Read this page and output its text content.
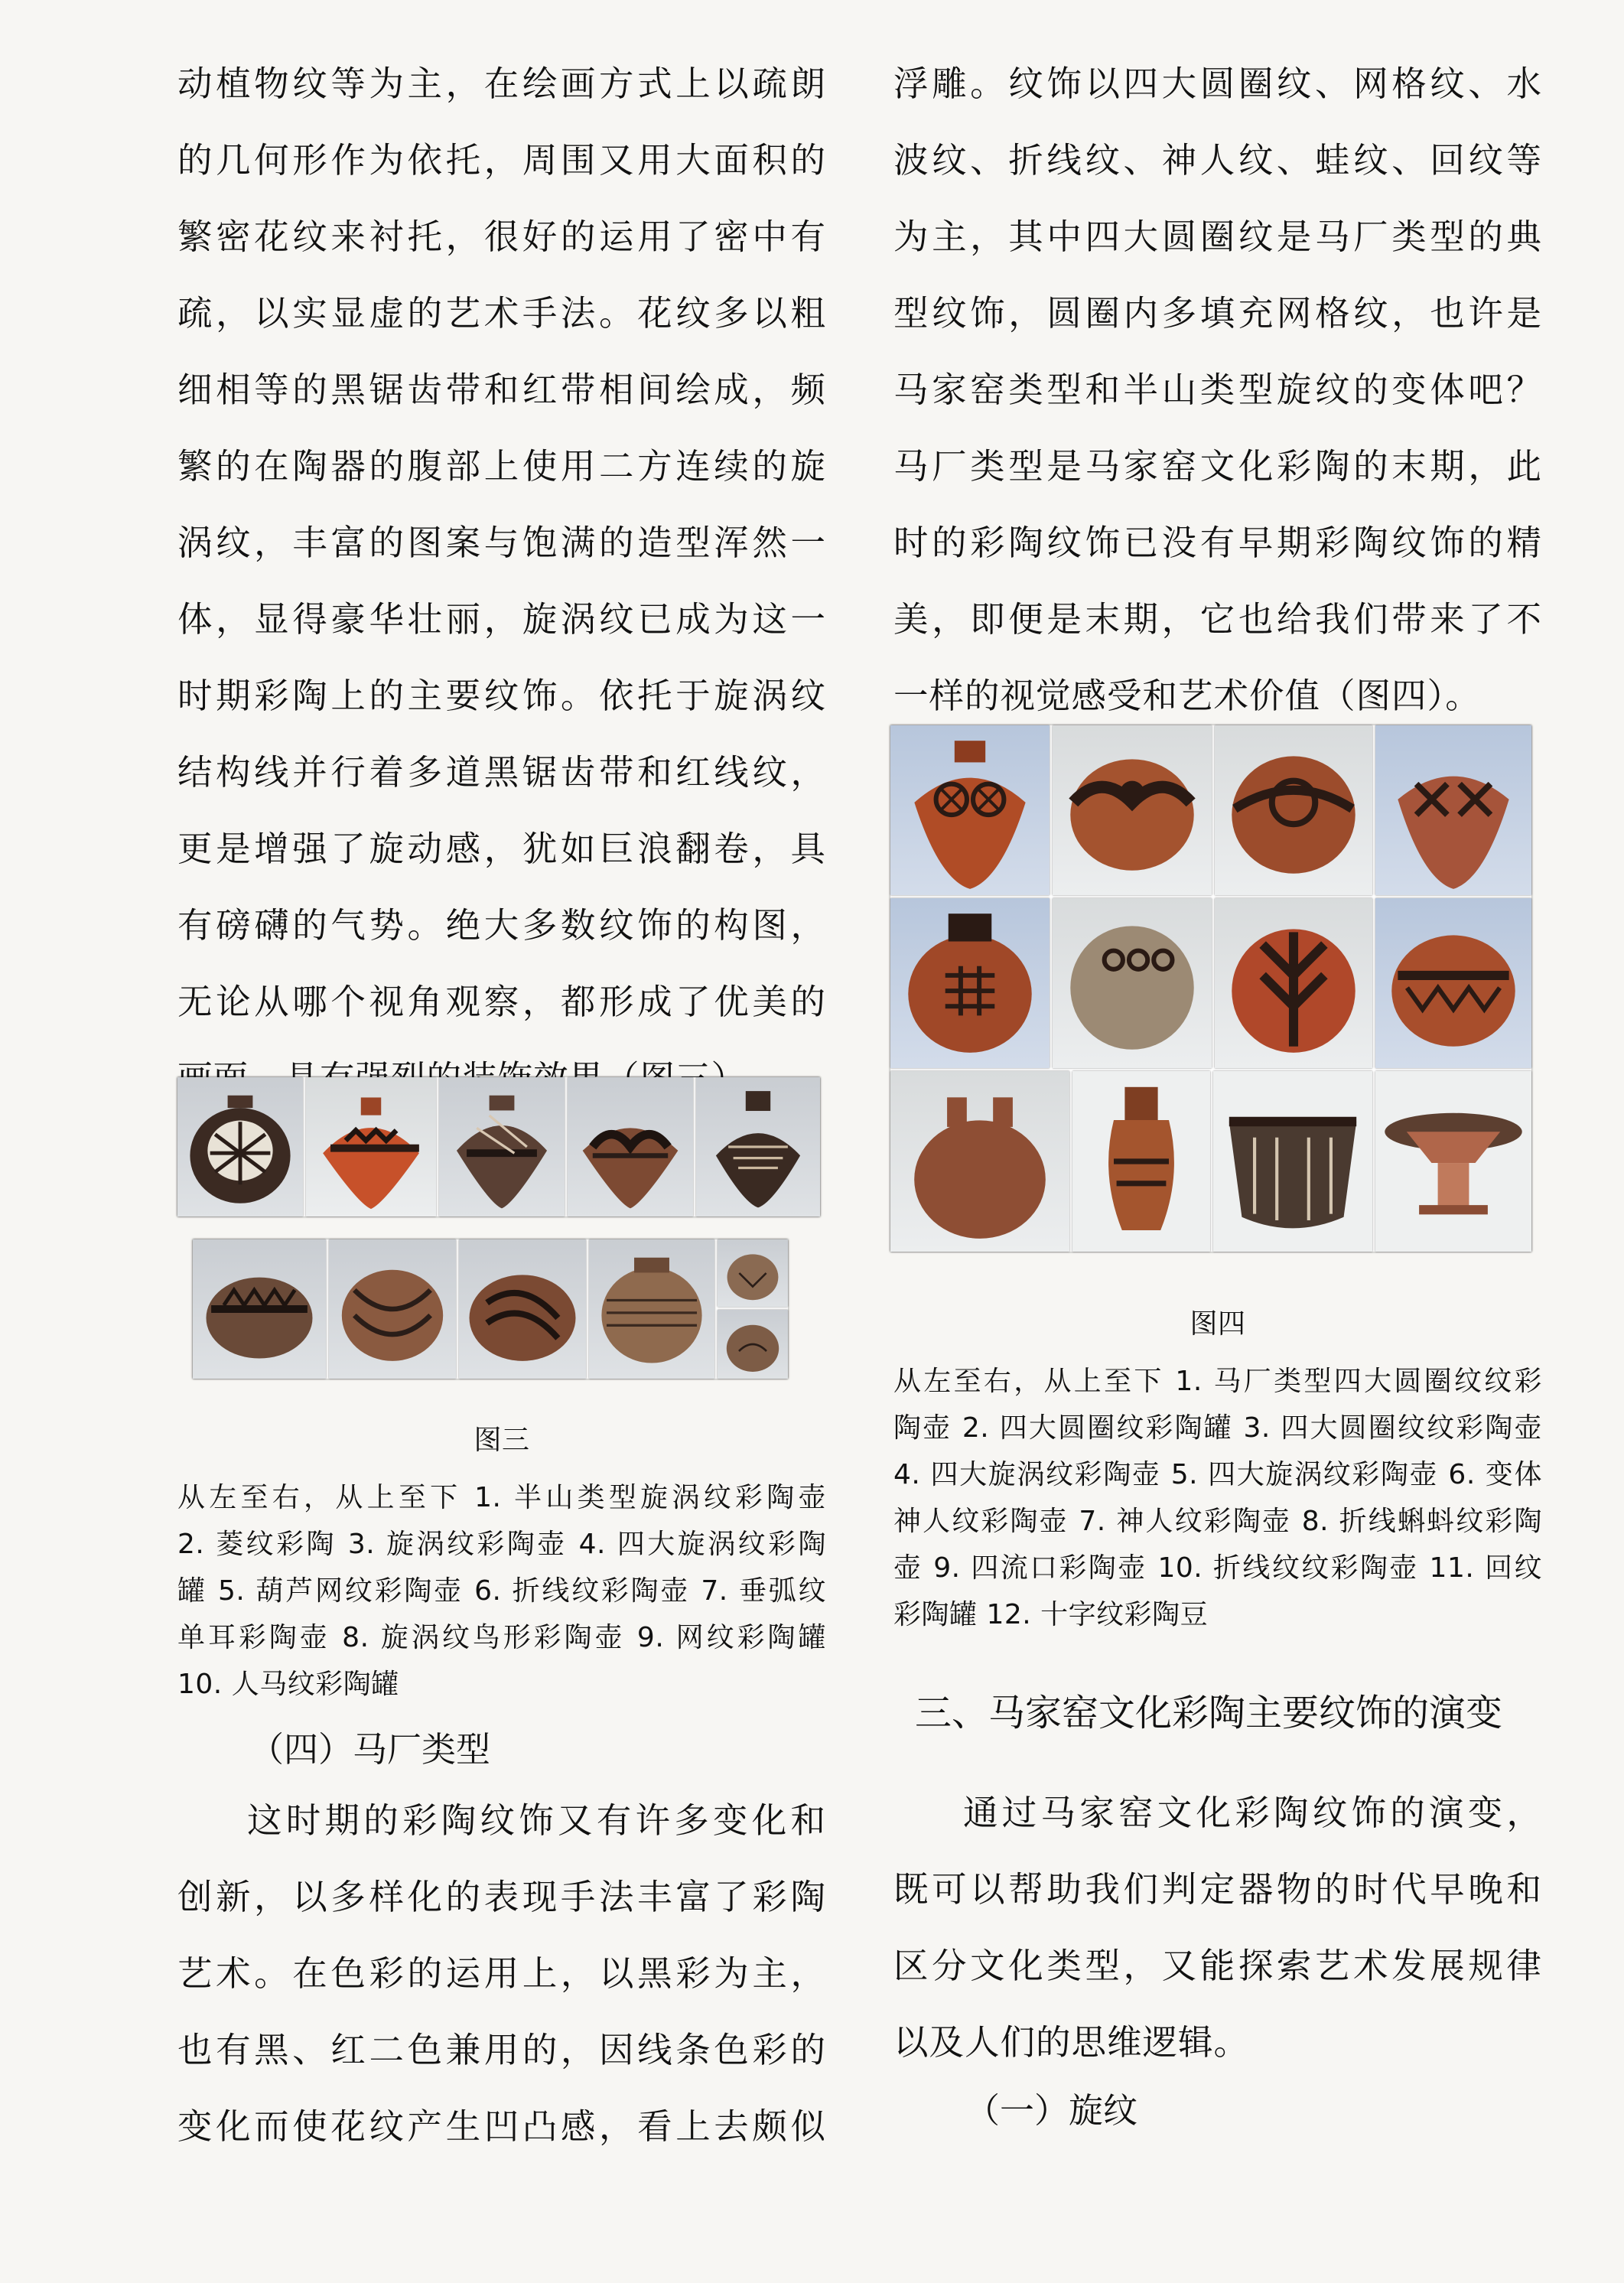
动植物纹等为主，在绘画方式上以疏朗

的几何形作为依托，周围又用大面积的

繁密花纹来衬托，很好的运用了密中有

疏，以实显虚的艺术手法。花纹多以粗

细相等的黑锯齿带和红带相间绘成，频

繁的在陶器的腹部上使用二方连续的旋

涡纹，丰富的图案与饱满的造型浑然一

体，显得豪华壮丽，旋涡纹已成为这一

时期彩陶上的主要纹饰。依托于旋涡纹

结构线并行着多道黑锯齿带和红线纹，

更是增强了旋动感，犹如巨浪翻卷，具

有磅礴的气势。绝大多数纹饰的构图，

无论从哪个视角观察，都形成了优美的

图三

从左至右，从上至下 1. 半山类型旋涡纹彩陶壶

2. 菱纹彩陶 3. 旋涡纹彩陶壶 4. 四大旋涡纹彩陶

罐 5. 葫芦网纹彩陶壶 6. 折线纹彩陶壶 7. 垂弧纹

单耳彩陶壶 8. 旋涡纹鸟形彩陶壶 9. 网纹彩陶罐

10. 人马纹彩陶罐

（四）马厂类型

这时期的彩陶纹饰又有许多变化和

创新，以多样化的表现手法丰富了彩陶

艺术。在色彩的运用上，以黑彩为主，

也有黑、红二色兼用的，因线条色彩的

变化而使花纹产生凹凸感，看上去颇似

浮雕。纹饰以四大圆圈纹、网格纹、水

波纹、折线纹、神人纹、蛙纹、回纹等

为主，其中四大圆圈纹是马厂类型的典

型纹饰，圆圈内多填充网格纹，也许是

马家窑类型和半山类型旋纹的变体吧？

马厂类型是马家窑文化彩陶的末期，此

时的彩陶纹饰已没有早期彩陶纹饰的精

美，即便是末期，它也给我们带来了不

一样的视觉感受和艺术价值（图四）。

图四

从左至右，从上至下 1. 马厂类型四大圆圈纹纹彩

陶壶 2. 四大圆圈纹彩陶罐 3. 四大圆圈纹纹彩陶壶

4. 四大旋涡纹彩陶壶 5. 四大旋涡纹彩陶壶 6. 变体

神人纹彩陶壶 7. 神人纹彩陶壶 8. 折线蝌蚪纹彩陶

壶 9. 四流口彩陶壶 10. 折线纹纹彩陶壶 11. 回纹

彩陶罐 12. 十字纹彩陶豆

三、马家窑文化彩陶主要纹饰的演变

通过马家窑文化彩陶纹饰的演变，

既可以帮助我们判定器物的时代早晚和

区分文化类型，又能探索艺术发展规律

以及人们的思维逻辑。

（一）旋纹
